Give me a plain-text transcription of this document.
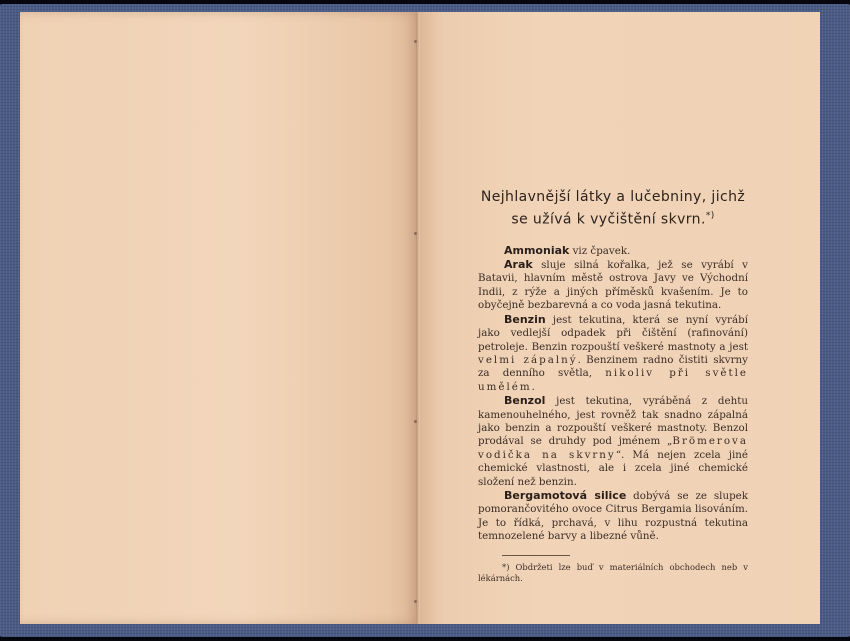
Nejhlavnější látky a lučebniny, jichž
se užívá k vyčištění skvrn.*)

Ammoniak viz čpavek.

Arak sluje silná kořalka, jež se vyrábí v Batavii, hlavním městě ostrova Javy ve Východní Indii, z rýže a jiných příměsků kvašením. Je to obyčejně bezbarevná a co voda jasná tekutina.

Benzin jest tekutina, která se nyní vyrábí jako vedlejší odpadek při čištění (rafinování) petroleje. Benzin rozpouští veškeré mastnoty a jest velmi zápalný. Benzinem radno čistiti skvrny za denního světla, nikoliv při světle umělém.

Benzol jest tekutina, vyráběná z dehtu kamenouhelného, jest rovněž tak snadno zápalná jako benzin a rozpouští veškeré mastnoty. Benzol prodával se druhdy pod jménem „Brömerova vodička na skvrny“. Má nejen zcela jiné chemické vlastnosti, ale i zcela jiné chemické složení než benzin.

Bergamotová silice dobývá se ze slupek pomorančovitého ovoce Citrus Bergamia lisováním. Je to řídká, prchavá, v lihu rozpustná tekutina temnozelené barvy a libezné vůně.

*) Obdržeti lze buď v materiálních obchodech neb v lékárnách.
